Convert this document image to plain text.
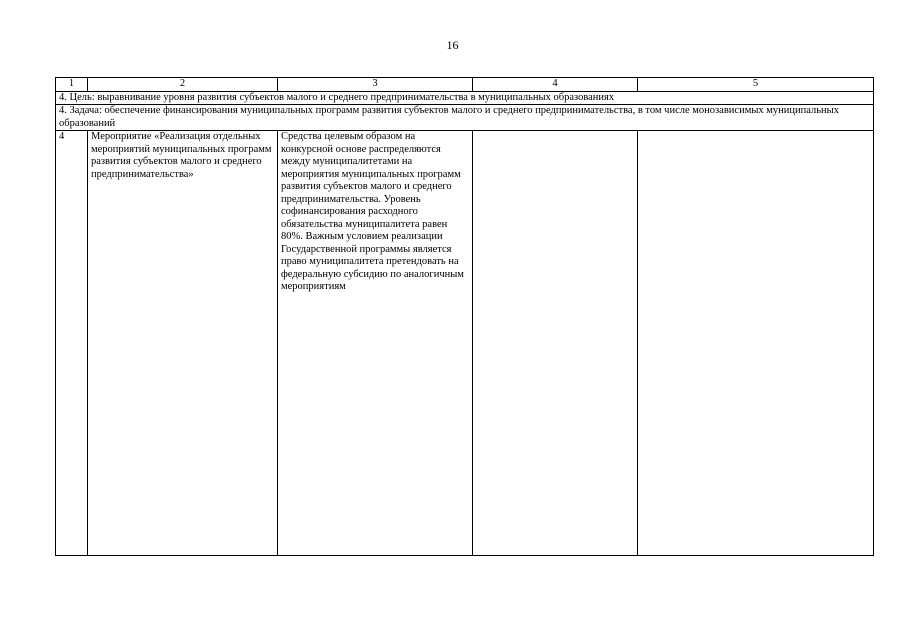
16
1	2	3	4	5
4. Цель: выравнивание уровня развития субъектов малого и среднего предпринимательства в муниципальных образованиях				
4. Задача: обеспечение финансирования муниципальных программ развития субъектов малого и среднего предпринимательства, в том числе монозависимых муниципальных образований				
4	Мероприятие «Реализация отдельных мероприятий муниципальных программ развития субъектов малого и среднего предпринимательства»	Средства целевым образом на конкурсной основе распределяются между муниципалитетами на мероприятия муниципальных программ развития субъектов малого и среднего предпринимательства. Уровень софинансирования расходного обязательства муниципалитета равен 80%. Важным условием реализации Государственной программы является право муниципалитета претендовать на федеральную субсидию по аналогичным мероприятиям		
